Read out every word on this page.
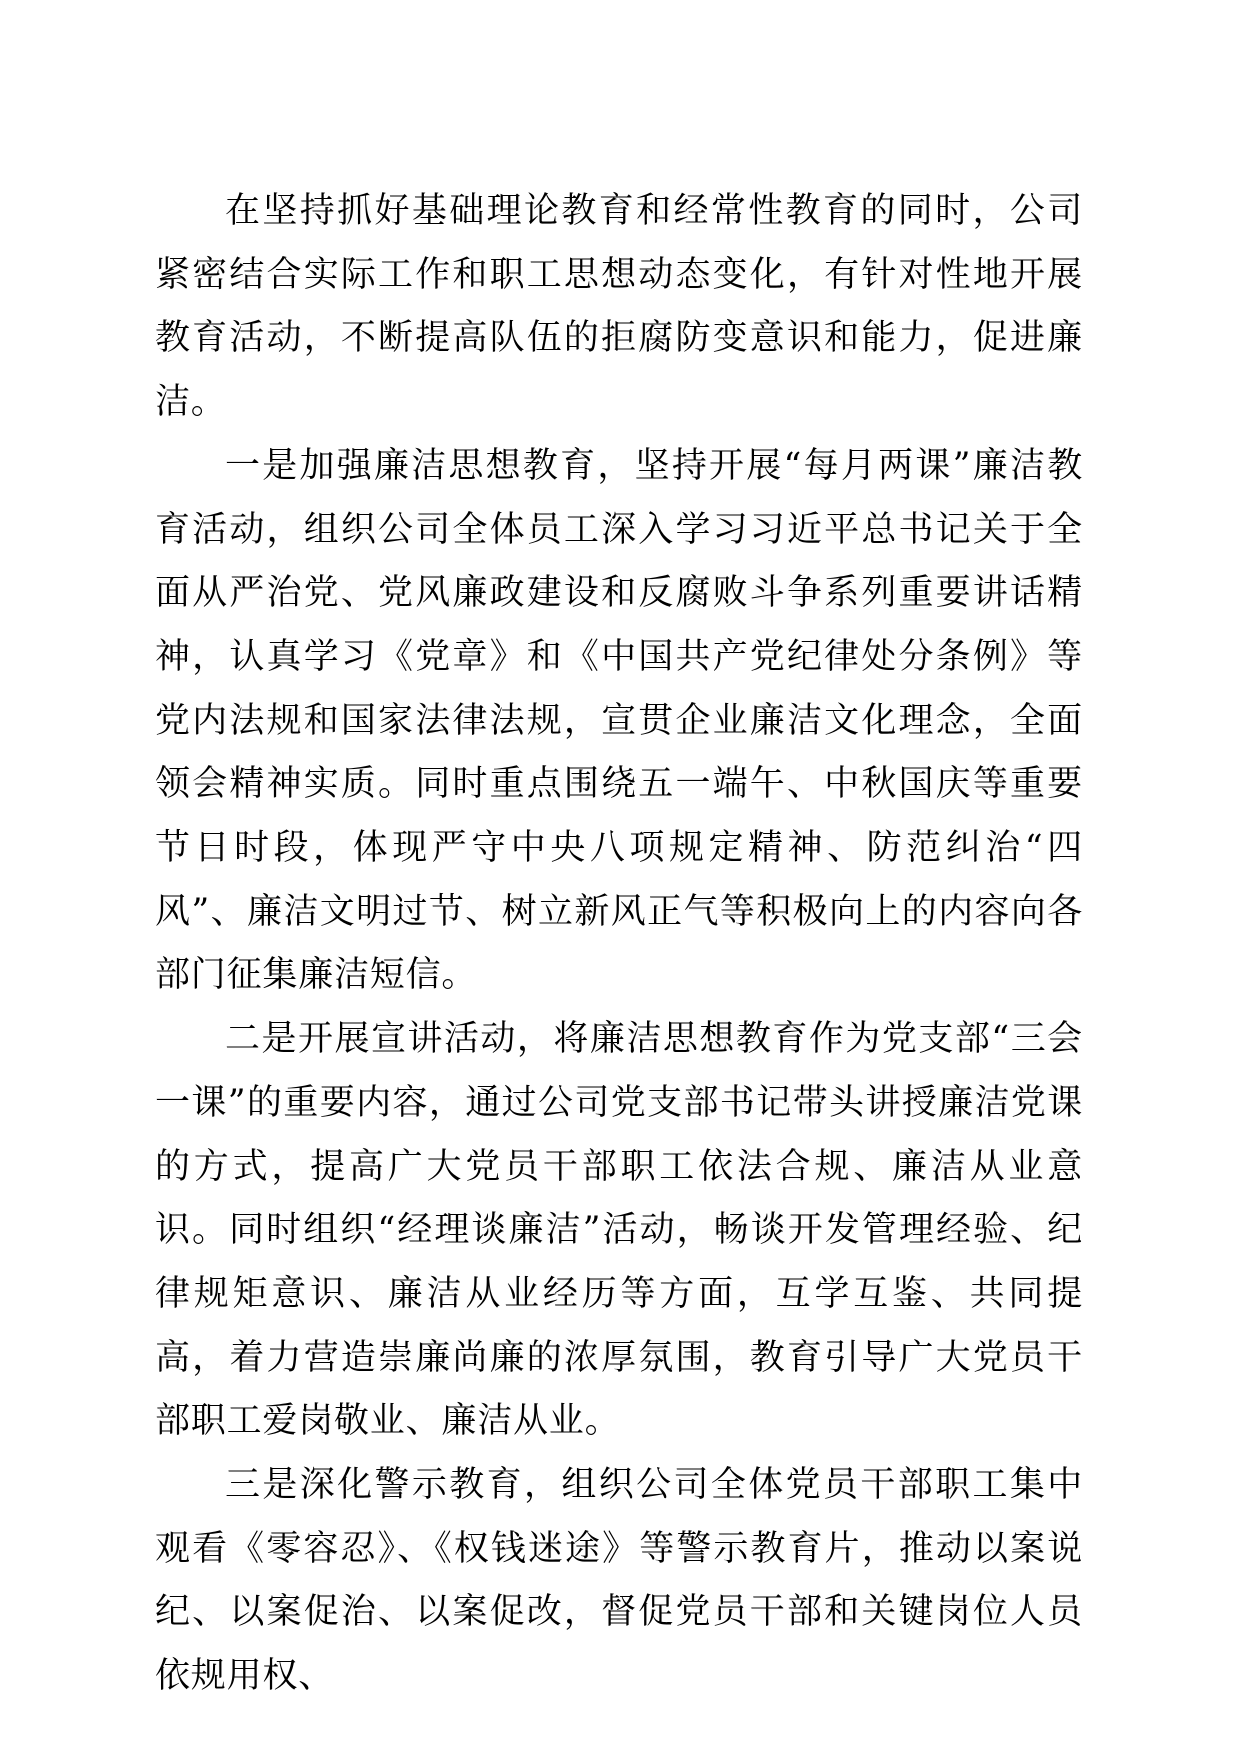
在坚持抓好基础理论教育和经常性教育的同时，公司紧密结合实际工作和职工思想动态变化，有针对性地开展教育活动，不断提高队伍的拒腐防变意识和能力，促进廉洁。

一是加强廉洁思想教育，坚持开展“每月两课”廉洁教育活动，组织公司全体员工深入学习习近平总书记关于全面从严治党、党风廉政建设和反腐败斗争系列重要讲话精神，认真学习《党章》和《中国共产党纪律处分条例》等党内法规和国家法律法规，宣贯企业廉洁文化理念，全面领会精神实质。同时重点围绕五一端午、中秋国庆等重要节日时段，体现严守中央八项规定精神、防范纠治“四风”、廉洁文明过节、树立新风正气等积极向上的内容向各部门征集廉洁短信。

二是开展宣讲活动，将廉洁思想教育作为党支部“三会一课”的重要内容，通过公司党支部书记带头讲授廉洁党课的方式，提高广大党员干部职工依法合规、廉洁从业意识。同时组织“经理谈廉洁”活动，畅谈开发管理经验、纪律规矩意识、廉洁从业经历等方面，互学互鉴、共同提高，着力营造崇廉尚廉的浓厚氛围，教育引导广大党员干部职工爱岗敬业、廉洁从业。

三是深化警示教育，组织公司全体党员干部职工集中观看《零容忍》、《权钱迷途》等警示教育片，推动以案说纪、以案促治、以案促改，督促党员干部和关键岗位人员依规用权、
